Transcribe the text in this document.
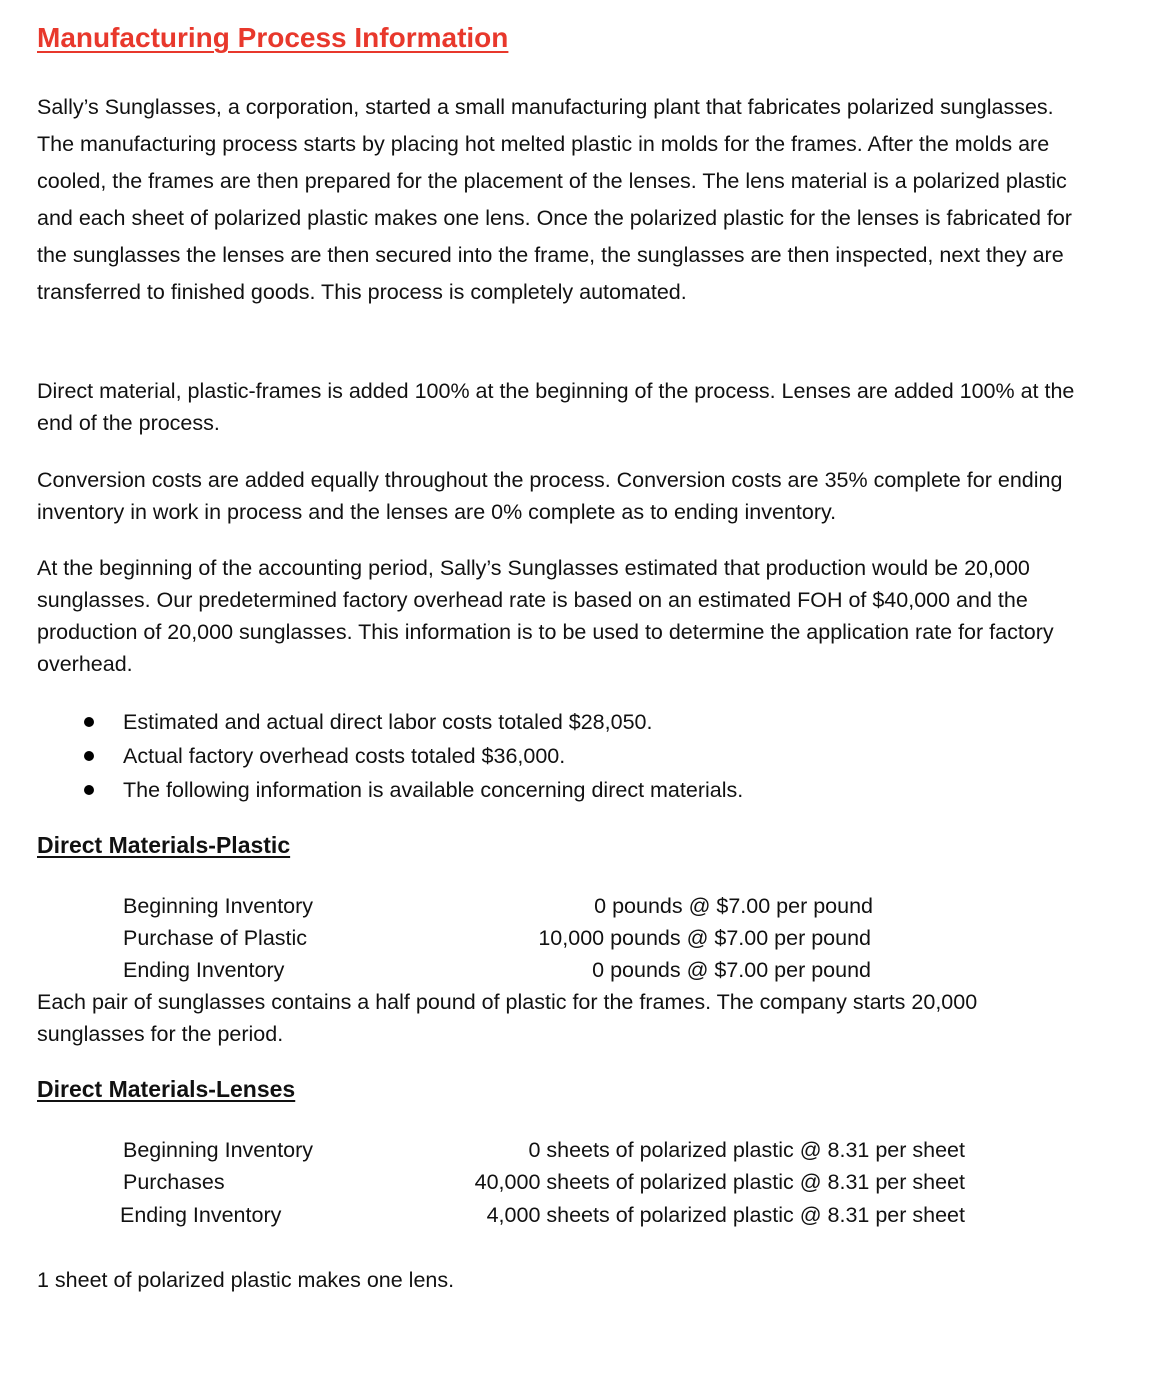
Manufacturing Process Information

Sally’s Sunglasses, a corporation, started a small manufacturing plant that fabricates polarized sunglasses. The manufacturing process starts by placing hot melted plastic in molds for the frames. After the molds are cooled, the frames are then prepared for the placement of the lenses. The lens material is a polarized plastic and each sheet of polarized plastic makes one lens. Once the polarized plastic for the lenses is fabricated for the sunglasses the lenses are then secured into the frame, the sunglasses are then inspected, next they are transferred to finished goods. This process is completely automated.

Direct material, plastic-frames is added 100% at the beginning of the process. Lenses are added 100% at the end of the process.

Conversion costs are added equally throughout the process. Conversion costs are 35% complete for ending inventory in work in process and the lenses are 0% complete as to ending inventory.

At the beginning of the accounting period, Sally’s Sunglasses estimated that production would be 20,000 sunglasses. Our predetermined factory overhead rate is based on an estimated FOH of $40,000 and the production of 20,000 sunglasses. This information is to be used to determine the application rate for factory overhead.

Estimated and actual direct labor costs totaled $28,050.
Actual factory overhead costs totaled $36,000.
The following information is available concerning direct materials.
Direct Materials-Plastic
Beginning Inventory	0 pounds @ $7.00 per pound
Purchase of Plastic	10,000 pounds @ $7.00 per pound
Ending Inventory	0 pounds @ $7.00 per pound

Each pair of sunglasses contains a half pound of plastic for the frames. The company starts 20,000 sunglasses for the period.

Direct Materials-Lenses
Beginning Inventory	0 sheets of polarized plastic @ 8.31 per sheet
Purchases	40,000 sheets of polarized plastic @ 8.31 per sheet
Ending Inventory	4,000 sheets of polarized plastic @ 8.31 per sheet

1 sheet of polarized plastic makes one lens.
